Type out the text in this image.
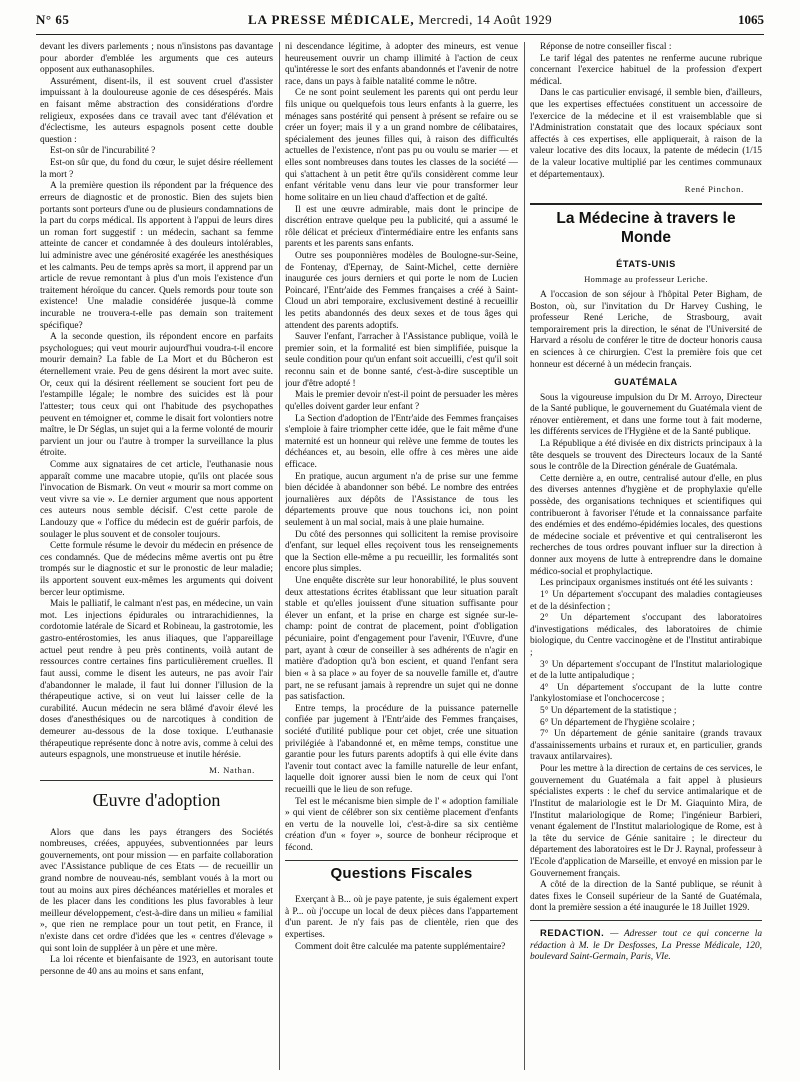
N° 65	LA PRESSE MÉDICALE, Mercredi, 14 Août 1929	1065

devant les divers parlements ; nous n'insistons pas davantage pour aborder d'emblée les arguments que ces auteurs opposent aux euthanasophiles.

Assurément, disent-ils, il est souvent cruel d'assister impuissant à la douloureuse agonie de ces désespérés. Mais en faisant même abstraction des considérations d'ordre religieux, exposées dans ce travail avec tant d'élévation et d'éclectisme, les auteurs espagnols posent cette double question :

Est-on sûr de l'incurabilité ?

Est-on sûr que, du fond du cœur, le sujet désire réellement la mort ?

A la première question ils répondent par la fréquence des erreurs de diagnostic et de pronostic. Bien des sujets bien portants sont porteurs d'une ou de plusieurs condamnations de la part du corps médical. Ils apportent à l'appui de leurs dires un roman fort suggestif : un médecin, sachant sa femme atteinte de cancer et condamnée à des douleurs intolérables, lui administre avec une générosité exagérée les anesthésiques et les calmants. Peu de temps après sa mort, il apprend par un article de revue remontant à plus d'un mois l'existence d'un traitement héroïque du cancer. Quels remords pour toute son existence! Une maladie considérée jusque-là comme incurable ne trouvera-t-elle pas demain son traitement spécifique?

A la seconde question, ils répondent encore en parfaits psychologues; qui veut mourir aujourd'hui voudra-t-il encore mourir demain? La fable de La Mort et du Bûcheron est éternellement vraie. Peu de gens désirent la mort avec suite. Or, ceux qui la désirent réellement se soucient fort peu de l'estampille légale; le nombre des suicides est là pour l'attester; tous ceux qui ont l'habitude des psychopathes peuvent en témoigner et, comme le disait fort volontiers notre maître, le Dr Séglas, un sujet qui a la ferme volonté de mourir parvient un jour ou l'autre à tromper la surveillance la plus étroite.

Comme aux signataires de cet article, l'euthanasie nous apparaît comme une macabre utopie, qu'ils ont placée sous l'invocation de Bismark. On veut « mourir sa mort comme on veut vivre sa vie ». Le dernier argument que nous apportent ces auteurs nous semble décisif. C'est cette parole de Landouzy que « l'office du médecin est de guérir parfois, de soulager le plus souvent et de consoler toujours.

Cette formule résume le devoir du médecin en présence de ces condamnés. Que de médecins même avertis ont pu être trompés sur le diagnostic et sur le pronostic de leur maladie; ils apportent souvent eux-mêmes les arguments qui doivent bercer leur optimisme.

Mais le palliatif, le calmant n'est pas, en médecine, un vain mot. Les injections épidurales ou intrarachidiennes, la cordotomie latérale de Sicard et Robineau, la gastrotomie, les gastro-entérostomies, les anus iliaques, que l'appareillage actuel peut rendre à peu près continents, voilà autant de ressources contre certaines fins particulièrement cruelles. Il faut aussi, comme le disent les auteurs, ne pas avoir l'air d'abandonner le malade, il faut lui donner l'illusion de la thérapeutique active, si on veut lui laisser celle de la curabilité. Aucun médecin ne sera blâmé d'avoir élevé les doses d'anesthésiques ou de narcotiques à condition de demeurer au-dessous de la dose toxique. L'euthanasie thérapeutique représente donc à notre avis, comme à celui des auteurs espagnols, une monstrueuse et inutile hérésie.

M. Nathan.
Œuvre d'adoption

Alors que dans les pays étrangers des Sociétés nombreuses, créées, appuyées, subventionnées par leurs gouvernements, ont pour mission — en parfaite collaboration avec l'Assistance publique de ces Etats — de recueillir un grand nombre de nouveau-nés, semblant voués à la mort ou tout au moins aux pires déchéances matérielles et morales et de les placer dans les conditions les plus favorables à leur meilleur développement, c'est-à-dire dans un milieu « familial », que rien ne remplace pour un tout petit, en France, il n'existe dans cet ordre d'idées que les « centres d'élevage » qui sont loin de suppléer à un père et une mère.

La loi récente et bienfaisante de 1923, en autorisant toute personne de 40 ans au moins et sans enfant,

ni descendance légitime, à adopter des mineurs, est venue heureusement ouvrir un champ illimité à l'action de ceux qu'intéresse le sort des enfants abandonnés et l'avenir de notre race, dans un pays à faible natalité comme le nôtre.

Ce ne sont point seulement les parents qui ont perdu leur fils unique ou quelquefois tous leurs enfants à la guerre, les ménages sans postérité qui pensent à présent se refaire ou se créer un foyer; mais il y a un grand nombre de célibataires, spécialement des jeunes filles qui, à raison des difficultés actuelles de l'existence, n'ont pas pu ou voulu se marier — et elles sont nombreuses dans toutes les classes de la société — qui s'attachent à un petit être qu'ils considèrent comme leur enfant véritable venu dans leur vie pour transformer leur home solitaire en un lieu chaud d'affection et de gaîté.

Il est une œuvre admirable, mais dont le principe de discrétion entrave quelque peu la publicité, qui a assumé le rôle délicat et précieux d'intermédiaire entre les enfants sans parents et les parents sans enfants.

Outre ses pouponnières modèles de Boulogne-sur-Seine, de Fontenay, d'Epernay, de Saint-Michel, cette dernière inaugurée ces jours derniers et qui porte le nom de Lucien Poincaré, l'Entr'aide des Femmes françaises a créé à Saint-Cloud un abri temporaire, exclusivement destiné à recueillir les petits abandonnés des deux sexes et de tous âges qui attendent des parents adoptifs.

Sauver l'enfant, l'arracher à l'Assistance publique, voilà le premier soin, et la formalité est bien simplifiée, puisque la seule condition pour qu'un enfant soit accueilli, c'est qu'il soit reconnu sain et de bonne santé, c'est-à-dire susceptible un jour d'être adopté !

Mais le premier devoir n'est-il point de persuader les mères qu'elles doivent garder leur enfant ?

La Section d'adoption de l'Entr'aide des Femmes françaises s'emploie à faire triompher cette idée, que le fait même d'une maternité est un honneur qui relève une femme de toutes les déchéances et, au besoin, elle offre à ces mères une aide efficace.

En pratique, aucun argument n'a de prise sur une femme bien décidée à abandonner son bébé. Le nombre des entrées journalières aux dépôts de l'Assistance de tous les départements prouve que nous touchons ici, non point seulement à un mal social, mais à une plaie humaine.

Du côté des personnes qui sollicitent la remise provisoire d'enfant, sur lequel elles reçoivent tous les renseignements que la Section elle-même a pu recueillir, les formalités sont encore plus simples.

Une enquête discrète sur leur honorabilité, le plus souvent deux attestations écrites établissant que leur situation paraît stable et qu'elles jouissent d'une situation suffisante pour élever un enfant, et la prise en charge est signée sur-le-champ: point de contrat de placement, point d'obligation pécuniaire, point d'engagement pour l'avenir, l'Œuvre, d'une part, ayant à cœur de conseiller à ses adhérents de n'agir en matière d'adoption qu'à bon escient, et quand l'enfant sera bien « à sa place » au foyer de sa nouvelle famille et, d'autre part, ne se refusant jamais à reprendre un sujet qui ne donne pas satisfaction.

Entre temps, la procédure de la puissance paternelle confiée par jugement à l'Entr'aide des Femmes françaises, société d'utilité publique pour cet objet, crée une situation privilégiée à l'abandonné et, en même temps, constitue une garantie pour les futurs parents adoptifs à qui elle évite dans l'avenir tout contact avec la famille naturelle de leur enfant, laquelle doit ignorer aussi bien le nom de ceux qui l'ont recueilli que le lieu de son refuge.

Tel est le mécanisme bien simple de l' « adoption familiale » qui vient de célébrer son six centième placement d'enfants en vertu de la nouvelle loi, c'est-à-dire sa six centième création d'un « foyer », source de bonheur réciproque et fécond.

Questions Fiscales

Exerçant à B... où je paye patente, je suis également expert à P... où j'occupe un local de deux pièces dans l'appartement d'un parent. Je n'y fais pas de clientèle, rien que des expertises.

Comment doit être calculée ma patente supplémentaire?

Réponse de notre conseiller fiscal :

Le tarif légal des patentes ne renferme aucune rubrique concernant l'exercice habituel de la profession d'expert médical.

Dans le cas particulier envisagé, il semble bien, d'ailleurs, que les expertises effectuées constituent un accessoire de l'exercice de la médecine et il est vraisemblable que si l'Administration constatait que des locaux spéciaux sont affectés à ces expertises, elle appliquerait, à raison de la valeur locative des dits locaux, la patente de médecin (1/15 de la valeur locative multiplié par les centimes communaux et départementaux).

René Pinchon.
La Médecine à travers le Monde
ÉTATS-UNIS
Hommage au professeur Leriche.

A l'occasion de son séjour à l'hôpital Peter Bigham, de Boston, où, sur l'invitation du Dr Harvey Cushing, le professeur René Leriche, de Strasbourg, avait temporairement pris la direction, le sénat de l'Université de Harvard a résolu de conférer le titre de docteur honoris causa en sciences à ce chirurgien. C'est la première fois que cet honneur est décerné à un médecin français.

GUATÉMALA

Sous la vigoureuse impulsion du Dr M. Arroyo, Directeur de la Santé publique, le gouvernement du Guatémala vient de rénover entièrement, et dans une forme tout à fait moderne, les différents services de l'Hygiène et de la Santé publique.

La République a été divisée en dix districts principaux à la tête desquels se trouvent des Directeurs locaux de la Santé sous le contrôle de la Direction générale de Guatémala.

Cette dernière a, en outre, centralisé autour d'elle, en plus des diverses antennes d'hygiène et de prophylaxie qu'elle possède, des organisations techniques et scientifiques qui contribueront à favoriser l'étude et la connaissance parfaite des endémies et des endémo-épidémies locales, des questions de médecine sociale et préventive et qui centraliseront les recherches de tous ordres pouvant influer sur la direction à donner aux moyens de lutte à entreprendre dans le domaine médico-social et prophylactique.

Les principaux organismes institués ont été les suivants :

1° Un département s'occupant des maladies contagieuses et de la désinfection ;

2° Un département s'occupant des laboratoires d'investigations médicales, des laboratoires de chimie biologique, du Centre vaccinogène et de l'Institut antirabique ;

3° Un département s'occupant de l'Institut malariologique et de la lutte antipaludique ;

4° Un département s'occupant de la lutte contre l'ankylostomiase et l'onchocercose ;

5° Un département de la statistique ;

6° Un département de l'hygiène scolaire ;

7° Un département de génie sanitaire (grands travaux d'assainissements urbains et ruraux et, en particulier, grands travaux antilarvaires).

Pour les mettre à la direction de certains de ces services, le gouvernement du Guatémala a fait appel à plusieurs spécialistes experts : le chef du service antimalarique et de l'Institut de malariologie est le Dr M. Giaquinto Mira, de l'Institut malariologique de Rome; l'ingénieur Barbieri, venant également de l'Institut malariologique de Rome, est à la tête du service de Génie sanitaire ; le directeur du département des laboratoires est le Dr J. Raynal, professeur à l'Ecole d'application de Marseille, et envoyé en mission par le Gouvernement français.

A côté de la direction de la Santé publique, se réunit à dates fixes le Conseil supérieur de la Santé de Guatémala, dont la première session a été inaugurée le 18 Juillet 1929.

REDACTION. — Adresser tout ce qui concerne la rédaction à M. le Dr Desfosses, La Presse Médicale, 120, boulevard Saint-Germain, Paris, VIe.
